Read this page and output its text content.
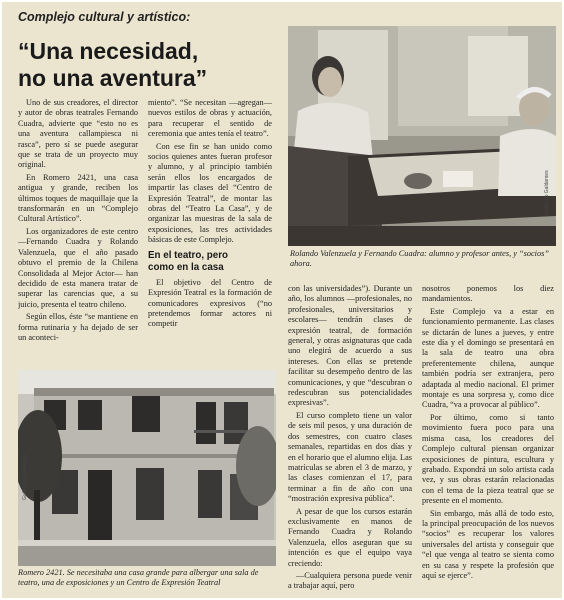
Complejo cultural y artístico:
“Una necesidad,
no una aventura”

Uno de sus creadores, el director y autor de obras teatrales Fernando Cuadra, advierte que “esto no es una aventura callampiesca ni rasca”, pero sí se puede asegurar que se trata de un proyecto muy original.

En Romero 2421, una casa antigua y grande, reciben los últimos toques de maquillaje que la transformarán en un “Complejo Cultural Artístico”.

Los organizadores de este centro —Fernando Cuadra y Rolando Valenzuela, que el año pasado obtuvo el premio de la Chilena Consolidada al Mejor Actor— han decidido de esta manera tratar de superar las carencias que, a su juicio, presenta el teatro chileno.

Según ellos, éste “se mantiene en forma rutinaria y ha dejado de ser un aconteci-

miento”. “Se necesitan —agregan— nuevos estilos de obras y actuación, para recuperar el sentido de ceremonia que antes tenía el teatro”.

Con ese fin se han unido como socios quienes antes fueran profesor y alumno, y al principio también serán ellos los encargados de impartir las clases del “Centro de Expresión Teatral”, de montar las obras del “Teatro La Casa”, y de organizar las muestras de la sala de exposiciones, las tres actividades básicas de este Complejo.

En el teatro, pero
como en la casa

El objetivo del Centro de Expresión Teatral es la formación de comunicadores expresivos (“no pretendemos formar actores ni competir

Guillermo Galdames
Rolando Valenzuela y Fernando Cuadra: alumno y profesor antes, y “socios” ahora.

con las universidades”). Durante un año, los alumnos —profesionales, no profesionales, universitarios y escolares— tendrán clases de expresión teatral, de formación general, y otras asignaturas que cada uno elegirá de acuerdo a sus intereses. Con ellas se pretende facilitar su desempeño dentro de las comunicaciones, y que “descubran o redescubran sus potencialidades expresivas”.

El curso completo tiene un valor de seis mil pesos, y una duración de dos semestres, con cuatro clases semanales, repartidas en dos días y en el horario que el alumno elija. Las matrículas se abren el 3 de marzo, y las clases comienzan el 17, para terminar a fin de año con una “mostración expresiva pública”.

A pesar de que los cursos estarán exclusivamente en manos de Fernando Cuadra y Rolando Valenzuela, ellos aseguran que su intención es que el equipo vaya creciendo:

—Cualquiera persona puede venir a trabajar aquí, pero

nosotros ponemos los diez mandamientos.

Este Complejo va a estar en funcionamiento permanente. Las clases se dictarán de lunes a jueves, y entre este día y el domingo se presentará en la sala de teatro una obra preferentemente chilena, aunque también podría ser extranjera, pero adaptada al medio nacional. El primer montaje es una sorpresa y, como dice Cuadra, “va a provocar al público”.

Por último, como si tanto movimiento fuera poco para una misma casa, los creadores del Complejo cultural piensan organizar exposiciones de pintura, escultura y grabado. Expondrá un solo artista cada vez, y sus obras estarán relacionadas con el tema de la pieza teatral que se presente en el momento.

Sin embargo, más allá de todo esto, la principal preocupación de los nuevos “socios” es recuperar los valores universales del artista y conseguir que “el que venga al teatro se sienta como en su casa y respete la profesión que aquí se ejerce”.

Guillermo Galdames
Romero 2421. Se necesitaba una casa grande para albergar una sala de teatro, una de exposiciones y un Centro de Expresión Teatral
